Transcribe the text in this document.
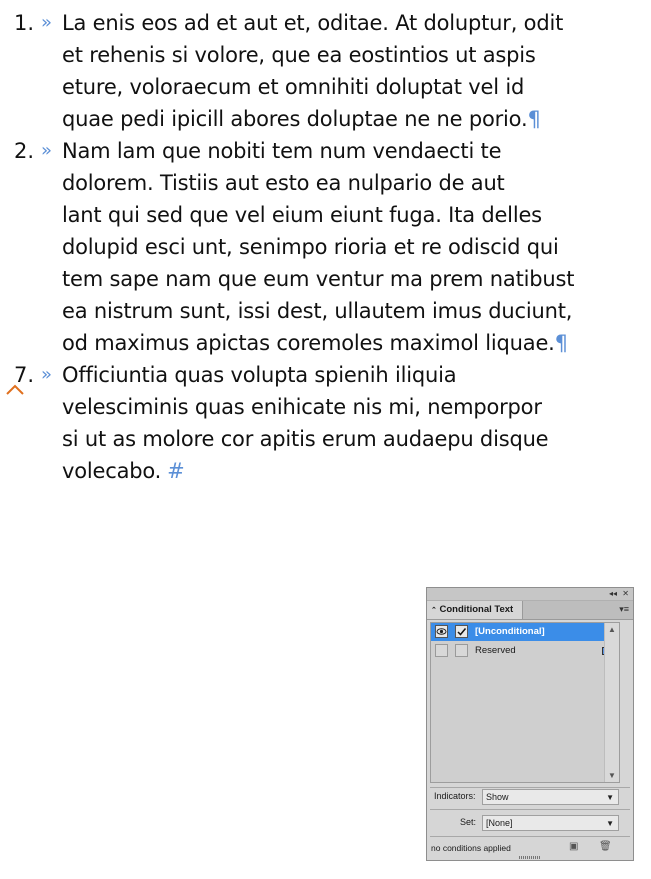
1. » La enis eos ad et aut et, oditae. At doluptur, odit
et rehenis si volore, que ea eostintios ut aspis
eture, voloraecum et omnihiti doluptat vel id
quae pedi ipicill abores doluptae ne ne porio.¶
2. » Nam lam que nobiti tem num vendaecti te
dolorem. Tistiis aut esto ea nulpario de aut
lant qui sed que vel eium eiunt fuga. Ita delles
dolupid esci unt, senimpo rioria et re odiscid qui
tem sape nam que eum ventur ma prem natibust
ea nistrum sunt, issi dest, ullautem imus duciunt,
od maximus apictas coremoles maximol liquae.¶
7. » Officiuntia quas volupta spienih iliquia
velesciminis quas enihicate nis mi, nemporpor
si ut as molore cor apitis erum audaepu disque
volecabo. #
◂◂ ✕
⌃ Conditional Text	▾≡
[Unconditional]
Reserved
▲
▼
Indicators:	Show	▼
Set:	[None]	▼
no conditions applied	▣ 🗑
